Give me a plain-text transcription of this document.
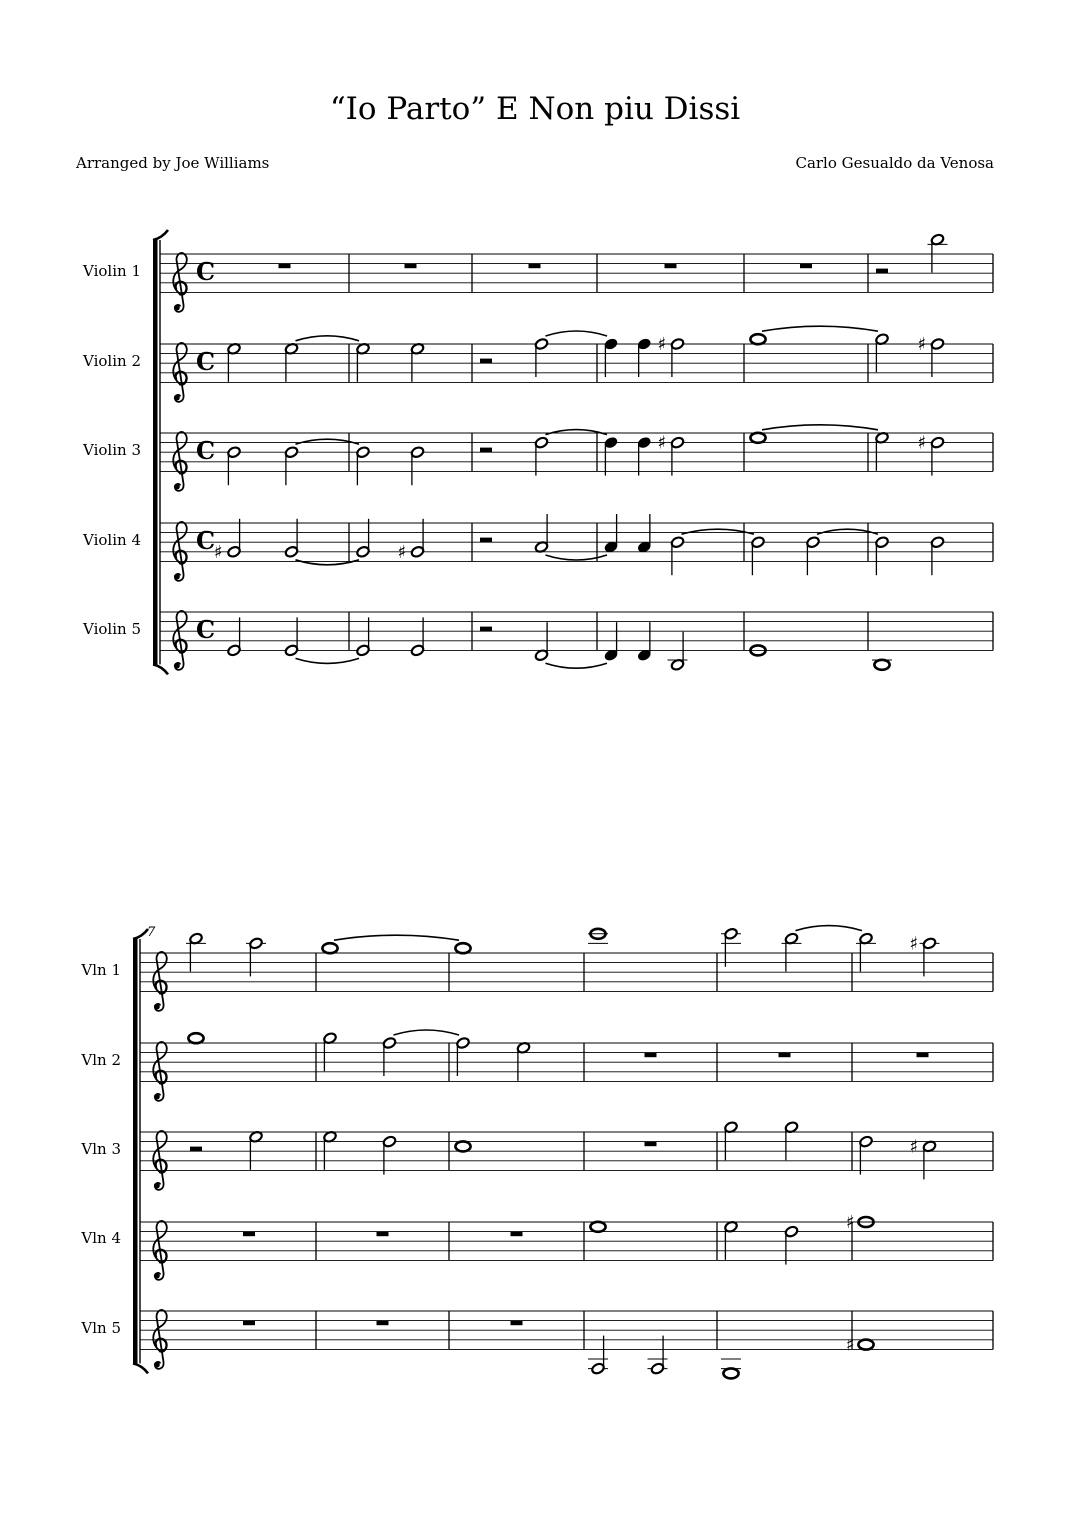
“Io Parto” E Non piu Dissi
Arranged by Joe Williams	Carlo Gesualdo da Venosa
Violin 1
Violin 2
Violin 3
Violin 4
Violin 5
C
C
♯	♯
C	♯	♯
C
♯	♯
C
7
Vln 1
Vln 2
Vln 3
Vln 4
Vln 5
♯
♯
♯
♯
